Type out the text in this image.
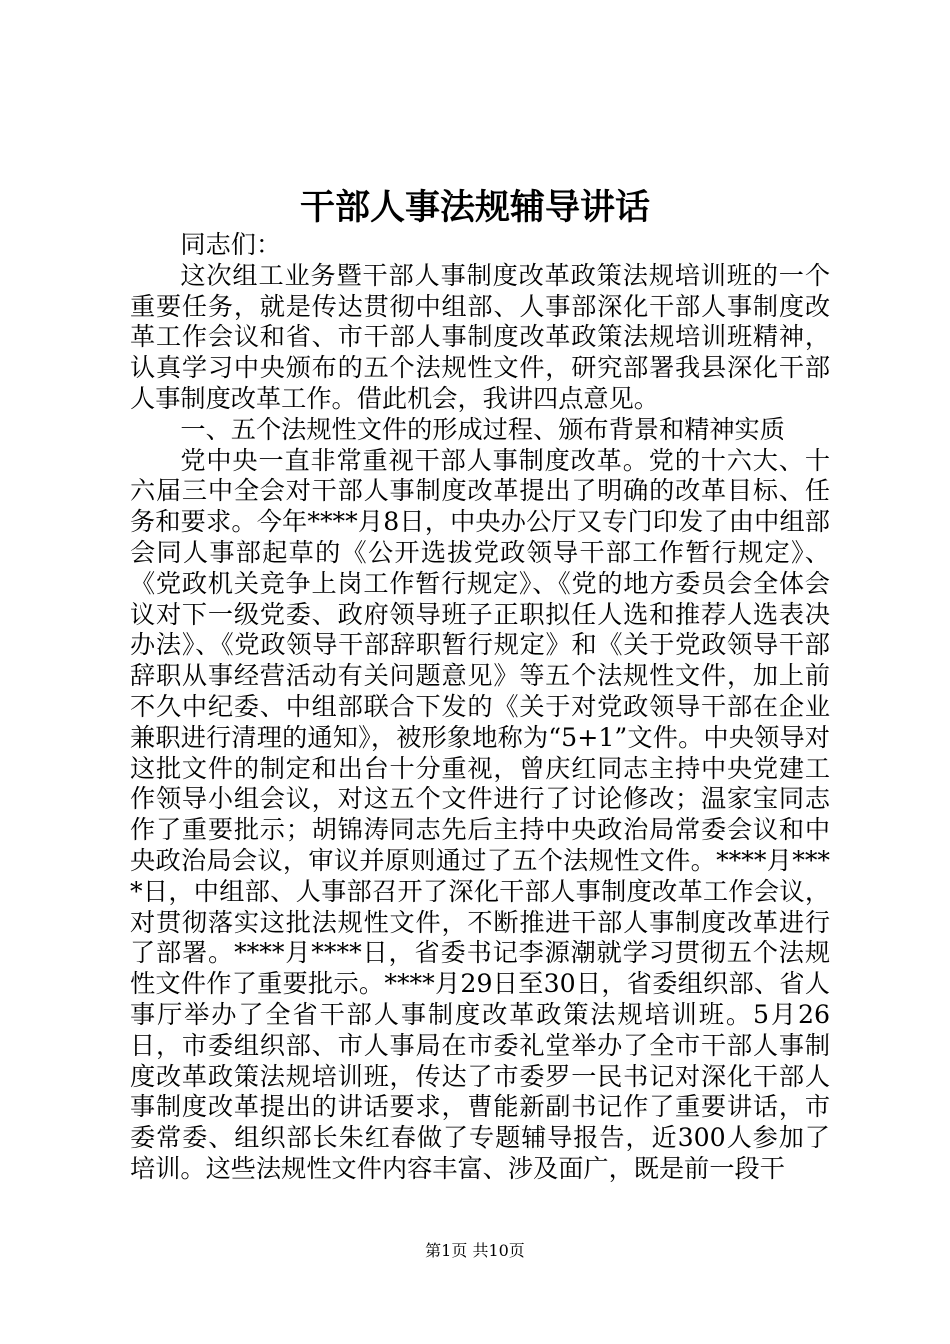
干部人事法规辅导讲话

同志们：

这次组工业务暨干部人事制度改革政策法规培训班的一个重要任务，就是传达贯彻中组部、人事部深化干部人事制度改革工作会议和省、市干部人事制度改革政策法规培训班精神，认真学习中央颁布的五个法规性文件，研究部署我县深化干部人事制度改革工作。借此机会，我讲四点意见。

一、五个法规性文件的形成过程、颁布背景和精神实质

党中央一直非常重视干部人事制度改革。党的十六大、十六届三中全会对干部人事制度改革提出了明确的改革目标、任务和要求。今年****月8日，中央办公厅又专门印发了由中组部会同人事部起草的《公开选拔党政领导干部工作暂行规定》、《党政机关竞争上岗工作暂行规定》、《党的地方委员会全体会议对下一级党委、政府领导班子正职拟任人选和推荐人选表决办法》、《党政领导干部辞职暂行规定》和《关于党政领导干部辞职从事经营活动有关问题意见》等五个法规性文件，加上前不久中纪委、中组部联合下发的《关于对党政领导干部在企业兼职进行清理的通知》，被形象地称为“5+1”文件。中央领导对这批文件的制定和出台十分重视，曾庆红同志主持中央党建工作领导小组会议，对这五个文件进行了讨论修改；温家宝同志作了重要批示；胡锦涛同志先后主持中央政治局常委会议和中央政治局会议，审议并原则通过了五个法规性文件。****月****日，中组部、人事部召开了深化干部人事制度改革工作会议，对贯彻落实这批法规性文件，不断推进干部人事制度改革进行了部署。****月****日，省委书记李源潮就学习贯彻五个法规性文件作了重要批示。****月29日至30日，省委组织部、省人事厅举办了全省干部人事制度改革政策法规培训班。5月26日，市委组织部、市人事局在市委礼堂举办了全市干部人事制度改革政策法规培训班，传达了市委罗一民书记对深化干部人事制度改革提出的讲话要求，曹能新副书记作了重要讲话，市委常委、组织部长朱红春做了专题辅导报告，近300人参加了培训。这些法规性文件内容丰富、涉及面广，既是前一段干

第1页 共10页
